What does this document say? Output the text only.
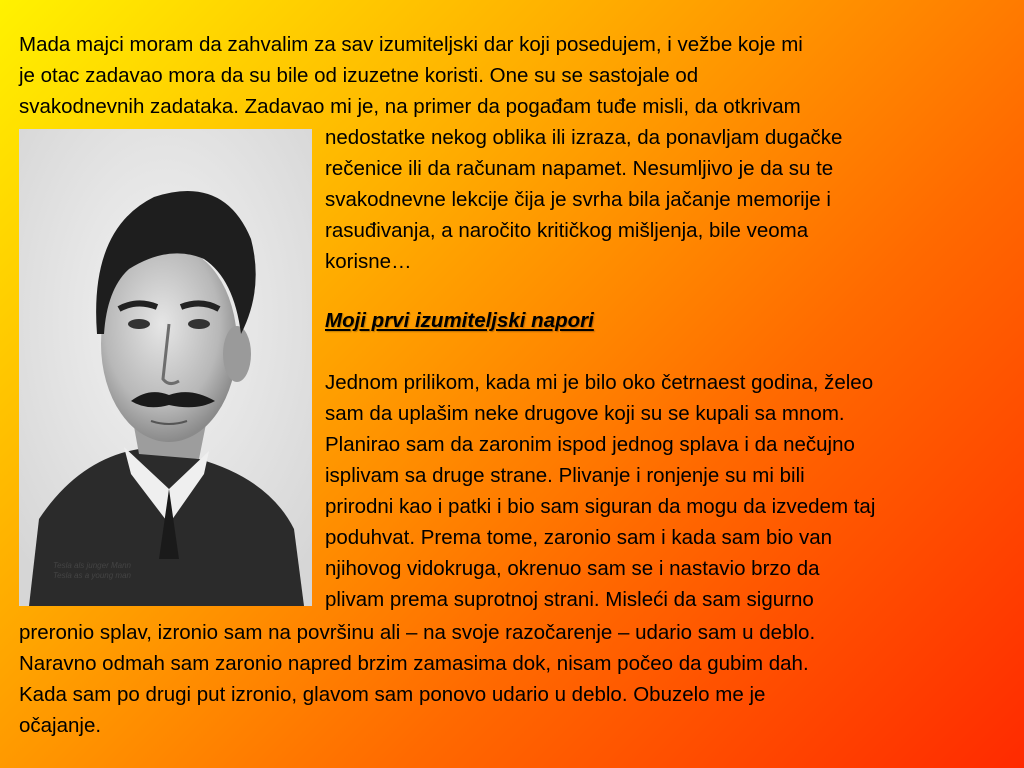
Mada majci moram da zahvalim za sav izumiteljski dar koji posedujem, i vežbe koje mi
je otac zadavao mora da su bile od izuzetne koristi. One su se sastojale od
svakodnevnih zadataka. Zadavao mi je, na primer da pogađam tuđe misli, da otkrivam

Tesla als junger Mann
Tesla as a young man

nedostatke nekog oblika ili izraza, da ponavljam dugačke
rečenice ili da računam napamet. Nesumljivo je da su te
svakodnevne lekcije čija je svrha bila jačanje memorije i
rasuđivanja, a naročito kritičkog mišljenja, bile veoma
korisne…

Moji prvi izumiteljski napori

Jednom prilikom, kada mi je bilo oko četrnaest godina, želeo
sam da uplašim neke drugove koji su se kupali sa mnom.
Planirao sam da zaronim ispod jednog splava i da nečujno
isplivam sa druge strane. Plivanje i ronjenje su mi bili
prirodni kao i patki i bio sam siguran da mogu da izvedem taj
poduhvat. Prema tome, zaronio sam i kada sam bio van
njihovog vidokruga, okrenuo sam se i nastavio brzo da
plivam prema suprotnoj strani. Misleći da sam sigurno

preronio splav, izronio sam na površinu ali – na svoje razočarenje – udario sam u deblo.
Naravno odmah sam zaronio napred brzim zamasima dok, nisam počeo da gubim dah.
Kada sam po drugi put izronio, glavom sam ponovo udario u deblo. Obuzelo me je
očajanje.
